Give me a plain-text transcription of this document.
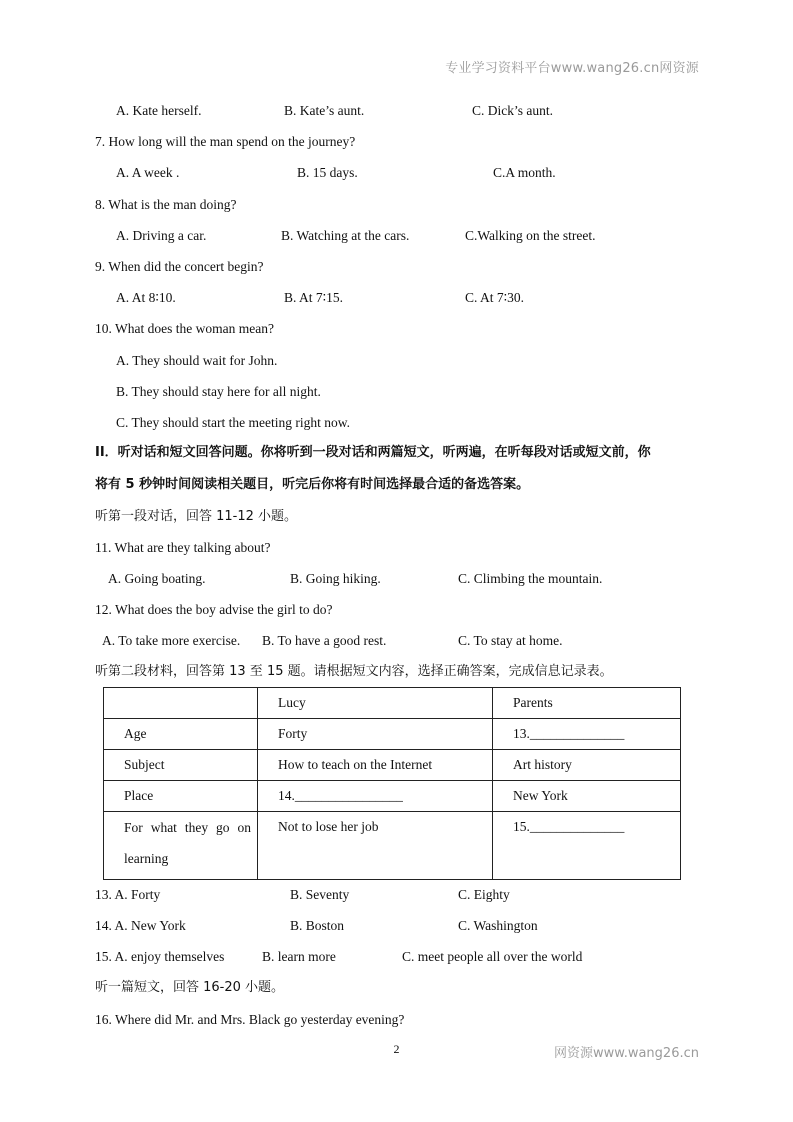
专业学习资料平台www.wang26.cn网资源
A. Kate herself.	B. Kate’s aunt.	C. Dick’s aunt.
7. How long will the man spend on the journey?
A. A week .	B. 15 days.	C.A month.
8. What is the man doing?
A. Driving a car.	B. Watching at the cars.	C.Walking on the street.
9. When did the concert begin?
A. At 8∶10.	B. At 7∶15.	C. At 7∶30.
10. What does the woman mean?
A. They should wait for John.
B. They should stay here for all night.
C. They should start the meeting right now.
II．听对话和短文回答问题。你将听到一段对话和两篇短文，听两遍，在听每段对话或短文前，你
将有 5 秒钟时间阅读相关题目，听完后你将有时间选择最合适的备选答案。
听第一段对话，回答 11-12 小题。
11. What are they talking about?
A. Going boating.	B. Going hiking.	C. Climbing the mountain.
12. What does the boy advise the girl to do?
A. To take more exercise. B. To have a good rest.	C. To stay at home.
听第二段材料，回答第 13 至 15 题。请根据短文内容，选择正确答案，完成信息记录表。
	Lucy	Parents
Age	Forty	13.______________
Subject	How to teach on the Internet	Art history
Place	14.________________	New York

For what they go on learning	Not to lose her job	15.______________
13. A. Forty	B. Seventy	C. Eighty
14. A. New York	B. Boston	C. Washington
15. A. enjoy themselves	B. learn more	C. meet people all over the world
听一篇短文，回答 16-20 小题。
16. Where did Mr. and Mrs. Black go yesterday evening?
2	网资源www.wang26.cn
